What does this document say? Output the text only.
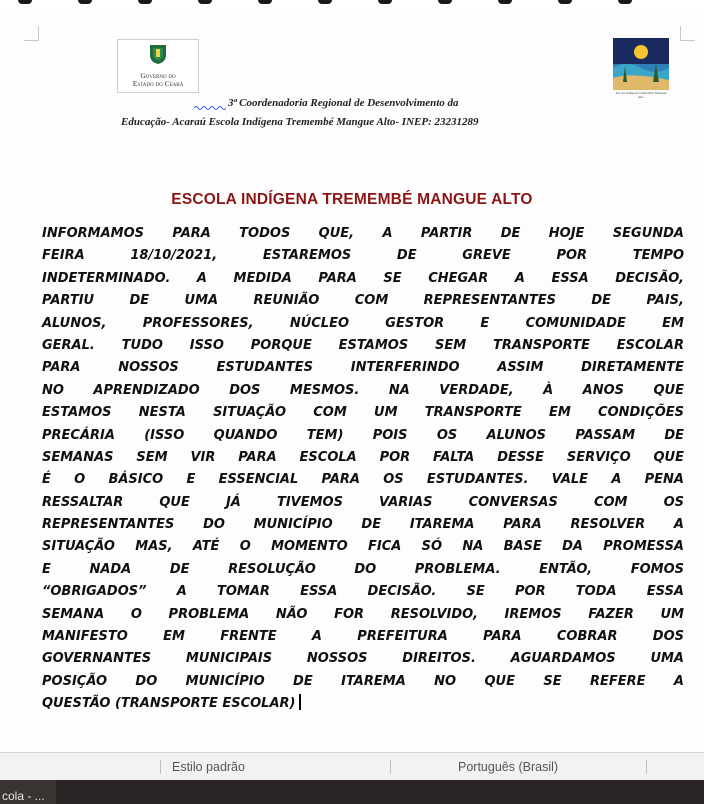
Governo do
Estado do Ceará
Escola Indígena Tremembé Mangue Alto
3ª Coordenadoria Regional de Desenvolvimento da
Educação- Acaraú Escola Indígena Tremembé Mangue Alto- INEP: 23231289
ESCOLA INDÍGENA TREMEMBÉ MANGUE ALTO
INFORMAMOS PARA TODOS QUE, A PARTIR DE HOJE SEGUNDA
FEIRA 18/10/2021, ESTAREMOS DE GREVE POR TEMPO
INDETERMINADO. A MEDIDA PARA SE CHEGAR A ESSA DECISÃO,
PARTIU DE UMA REUNIÃO COM REPRESENTANTES DE PAIS,
ALUNOS, PROFESSORES, NÚCLEO GESTOR E COMUNIDADE EM
GERAL. TUDO ISSO PORQUE ESTAMOS SEM TRANSPORTE ESCOLAR
PARA NOSSOS ESTUDANTES INTERFERINDO ASSIM DIRETAMENTE
NO APRENDIZADO DOS MESMOS. NA VERDADE, À ANOS QUE
ESTAMOS NESTA SITUAÇÃO COM UM TRANSPORTE EM CONDIÇÕES
PRECÁRIA (ISSO QUANDO TEM) POIS OS ALUNOS PASSAM DE
SEMANAS SEM VIR PARA ESCOLA POR FALTA DESSE SERVIÇO QUE
É O BÁSICO E ESSENCIAL PARA OS ESTUDANTES. VALE A PENA
RESSALTAR QUE JÁ TIVEMOS VARIAS CONVERSAS COM OS
REPRESENTANTES DO MUNICÍPIO DE ITAREMA PARA RESOLVER A
SITUAÇÃO MAS, ATÉ O MOMENTO FICA SÓ NA BASE DA PROMESSA
E NADA DE RESOLUÇÃO DO PROBLEMA. ENTÃO, FOMOS
“OBRIGADOS” A TOMAR ESSA DECISÃO. SE POR TODA ESSA
SEMANA O PROBLEMA NÃO FOR RESOLVIDO, IREMOS FAZER UM
MANIFESTO EM FRENTE A PREFEITURA PARA COBRAR DOS
GOVERNANTES MUNICIPAIS NOSSOS DIREITOS. AGUARDAMOS UMA
POSIÇÃO DO MUNICÍPIO DE ITAREMA NO QUE SE REFERE A
QUESTÃO (TRANSPORTE ESCOLAR)
Estilo padrão	Português (Brasil)
cola - ...
